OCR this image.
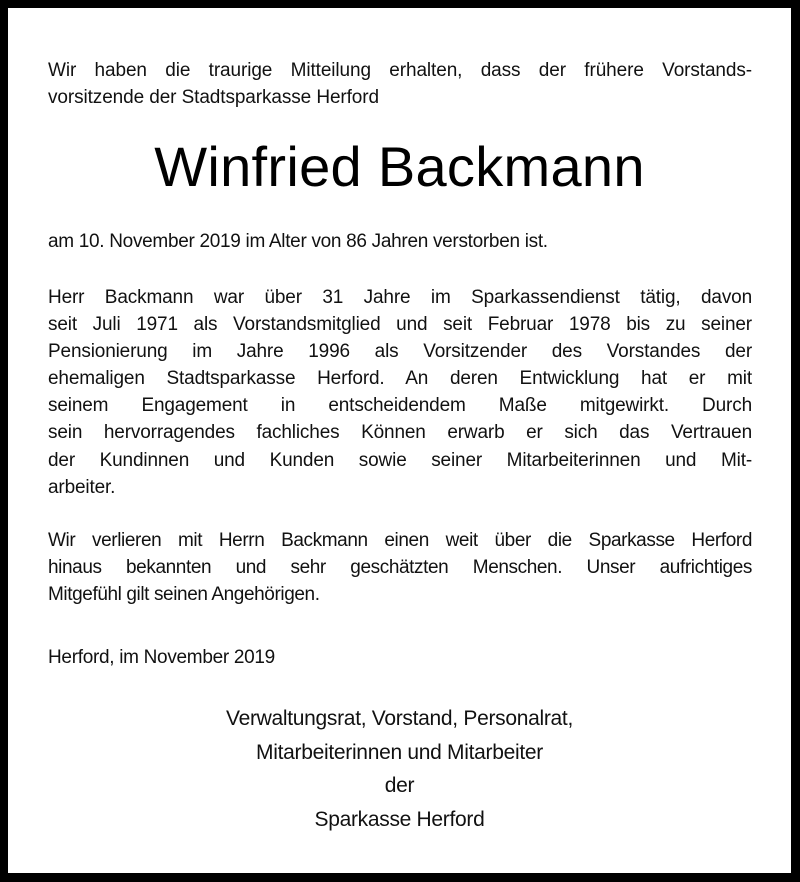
Wir haben die traurige Mitteilung erhalten, dass der frühere Vorstands-
vorsitzende der Stadtsparkasse Herford

Winfried Backmann

am 10. November 2019 im Alter von 86 Jahren verstorben ist.

Herr Backmann war über 31 Jahre im Sparkassendienst tätig, davon
seit Juli 1971 als Vorstandsmitglied und seit Februar 1978 bis zu seiner
Pensionierung im Jahre 1996 als Vorsitzender des Vorstandes der
ehemaligen Stadtsparkasse Herford. An deren Entwicklung hat er mit
seinem Engagement in entscheidendem Maße mitgewirkt. Durch
sein hervorragendes fachliches Können erwarb er sich das Vertrauen
der Kundinnen und Kunden sowie seiner Mitarbeiterinnen und Mit-
arbeiter.

Wir verlieren mit Herrn Backmann einen weit über die Sparkasse Herford
hinaus bekannten und sehr geschätzten Menschen. Unser aufrichtiges
Mitgefühl gilt seinen Angehörigen.

Herford, im November 2019

Verwaltungsrat, Vorstand, Personalrat,
Mitarbeiterinnen und Mitarbeiter
der
Sparkasse Herford
